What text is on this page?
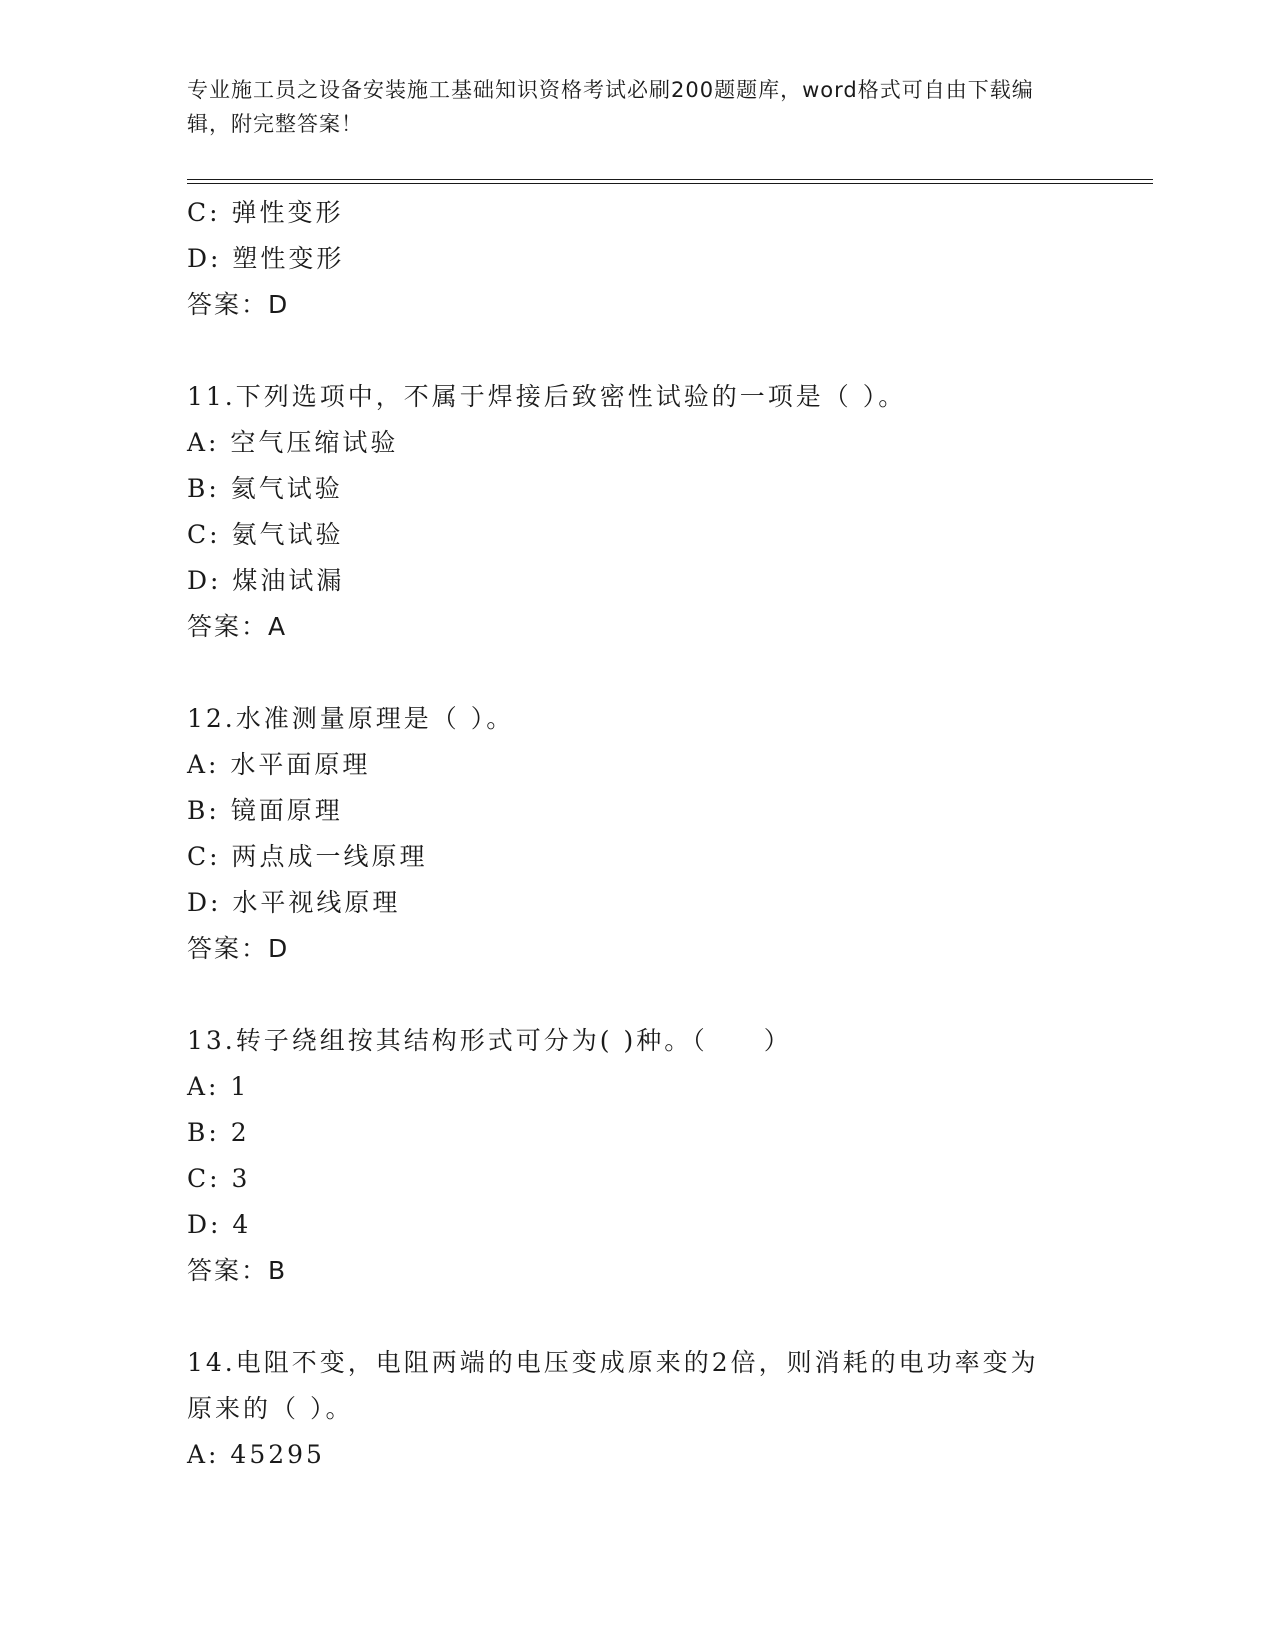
专业施工员之设备安装施工基础知识资格考试必刷200题题库，word格式可自由下载编辑，附完整答案！
C: 弹性变形
D: 塑性变形
答案：D
11.下列选项中，不属于焊接后致密性试验的一项是（ ）。
A: 空气压缩试验
B: 氦气试验
C: 氨气试验
D: 煤油试漏
答案：A
12.水准测量原理是（ ）。
A: 水平面原理
B: 镜面原理
C: 两点成一线原理
D: 水平视线原理
答案：D
13.转子绕组按其结构形式可分为( )种。（　　）
A: 1
B: 2
C: 3
D: 4
答案：B
14.电阻不变，电阻两端的电压变成原来的2倍，则消耗的电功率变为
原来的（ ）。
A: 45295
